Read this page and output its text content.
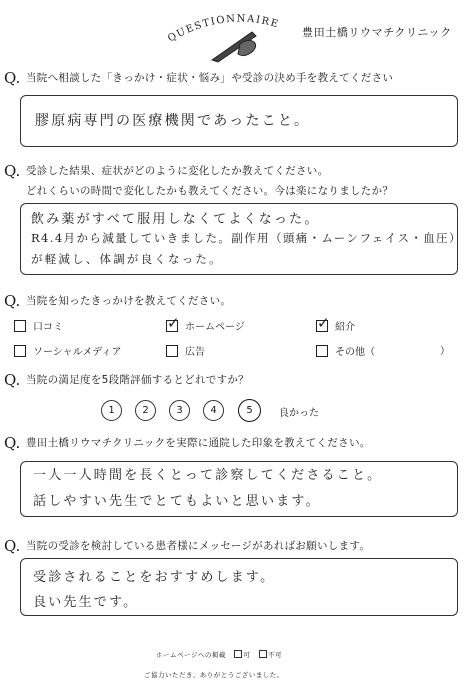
QUESTIONNAIRE
豊田土橋リウマチクリニック
Q. 当院へ相談した「きっかけ・症状・悩み」や受診の決め手を教えてください
膠原病専門の医療機関であったこと。
Q. 受診した結果、症状がどのように変化したか教えてください。
どれくらいの時間で変化したかも教えてください。今は楽になりましたか？
飲み薬がすべて服用しなくてよくなった。
R4.4月から減量していきました。副作用（頭痛・ムーンフェイス・血圧）
が軽減し、体調が良くなった。
Q. 当院を知ったきっかけを教えてください。
口コミ ✓	ホームページ ✓	紹介
ソーシャルメディア	広告	その他（	）
Q. 当院の満足度を5段階評価するとどれですか？
1	2	3	4	5	良かった
Q. 豊田土橋リウマチクリニックを実際に通院した印象を教えてください。
一人一人時間を長くとって診察してくださること。
話しやすい先生でとてもよいと思います。
Q. 当院の受診を検討している患者様にメッセージがあればお願いします。
受診されることをおすすめします。
良い先生です。
ホームページへの掲載	可	不可
ご協力いただき、ありがとうございました。
